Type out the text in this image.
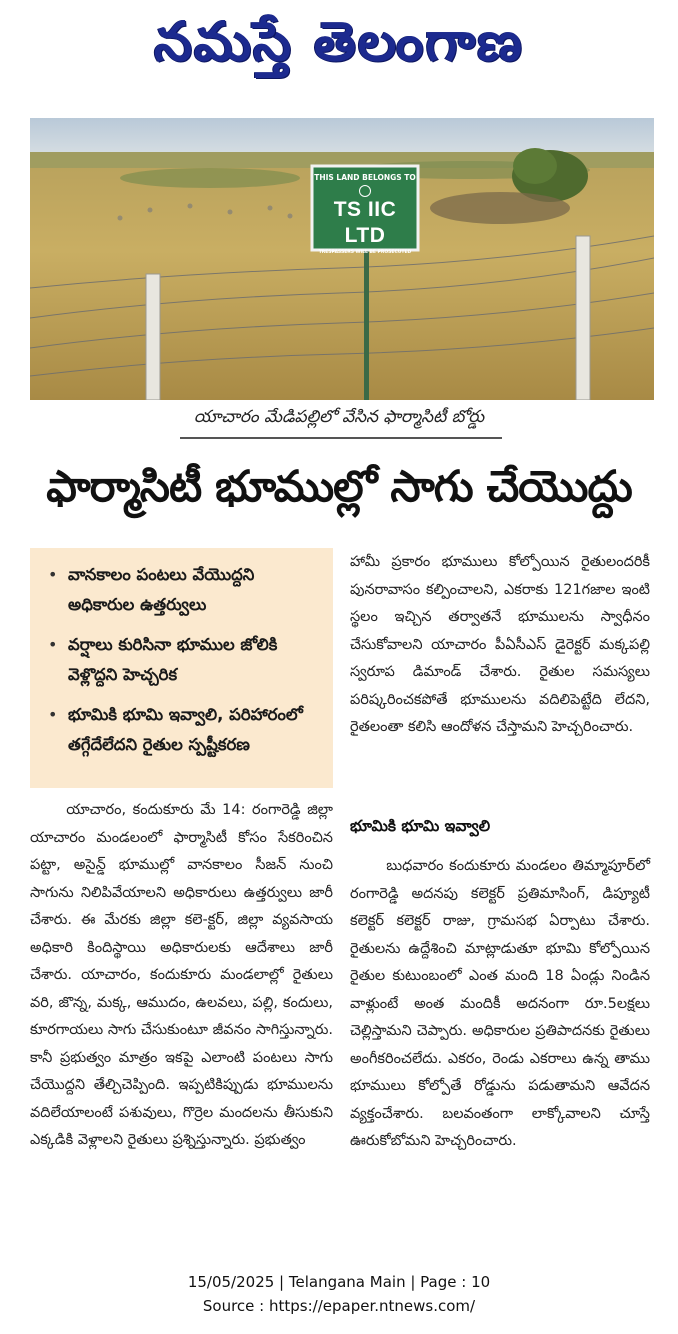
నమస్తే తెలంగాణ
THIS LAND BELONGS TO
TS IIC LTD
TRESPASSERS WILL BE PROSECUTED
యాచారం మేడిపల్లిలో వేసిన ఫార్మాసిటీ బోర్డు
ఫార్మాసిటీ భూముల్లో సాగు చేయొద్దు
• వానకాలం పంటలు వేయొద్దని అధికారుల ఉత్తర్వులు
• వర్షాలు కురిసినా భూముల జోలికి వెళ్లొద్దని హెచ్చరిక
• భూమికి భూమి ఇవ్వాలి, పరిహారంలో తగ్గేదేలేదని రైతుల స్పష్టీకరణ

యాచారం, కందుకూరు మే 14: రంగారెడ్డి జిల్లా యాచారం మండలంలో ఫార్మాసిటీ కోసం సేకరించిన పట్టా, అసైన్డ్ భూముల్లో వానకాలం సీజన్ నుంచి సాగును నిలిపివేయాలని అధికారులు ఉత్తర్వులు జారీ చేశారు. ఈ మేరకు జిల్లా కలె-క్టర్, జిల్లా వ్యవసాయ అధికారి కిందిస్థాయి అధికారులకు ఆదేశాలు జారీ చేశారు. యాచారం, కందుకూరు మండలాల్లో రైతులు వరి, జొన్న, మక్క, ఆముదం, ఉలవలు, పల్లి, కందులు, కూరగాయలు సాగు చేసుకుంటూ జీవనం సాగిస్తున్నారు. కానీ ప్రభుత్వం మాత్రం ఇకపై ఎలాంటి పంటలు సాగు చేయొద్దని తేల్చిచెప్పింది. ఇప్పటికిప్పుడు భూములను వదిలేయాలంటే పశువులు, గొర్రెల మందలను తీసుకుని ఎక్కడికి వెళ్లాలని రైతులు ప్రశ్నిస్తున్నారు. ప్రభుత్వం

హామీ ప్రకారం భూములు కోల్పోయిన రైతులందరికీ పునరావాసం కల్పించాలని, ఎకరాకు 121గజాల ఇంటి స్థలం ఇచ్చిన తర్వాతనే భూములను స్వాధీనం చేసుకోవాలని యాచారం పీఏసీఎస్ డైరెక్టర్ మక్కపల్లి స్వరూప డిమాండ్ చేశారు. రైతుల సమస్యలు పరిష్కరించకపోతే భూములను వదిలిపెట్టేది లేదని, రైతలంతా కలిసి ఆందోళన చేస్తామని హెచ్చరించారు.

భూమికి భూమి ఇవ్వాలి

బుధవారం కందుకూరు మండలం తిమ్మాపూర్‌లో రంగారెడ్డి అదనపు కలెక్టర్ ప్రతిమాసింగ్, డిప్యూటీ కలెక్టర్ కలెక్టర్ రాజు, గ్రామసభ ఏర్పాటు చేశారు. రైతులను ఉద్దేశించి మాట్లాడుతూ భూమి కోల్పోయిన రైతుల కుటుంబంలో ఎంత మంది 18 ఏండ్లు నిండిన వాళ్లుంటే అంత మందికీ అదనంగా రూ.5లక్షలు చెల్లిస్తామని చెప్పారు. అధికారుల ప్రతిపాదనకు రైతులు అంగీకరించలేదు. ఎకరం, రెండు ఎకరాలు ఉన్న తాము భూములు కోల్పోతే రోడ్డును పడుతామని ఆవేదన వ్యక్తంచేశారు. బలవంతంగా లాక్కోవాలని చూస్తే ఊరుకోబోమని హెచ్చరించారు.

15/05/2025 | Telangana Main | Page : 10
Source : https://epaper.ntnews.com/
